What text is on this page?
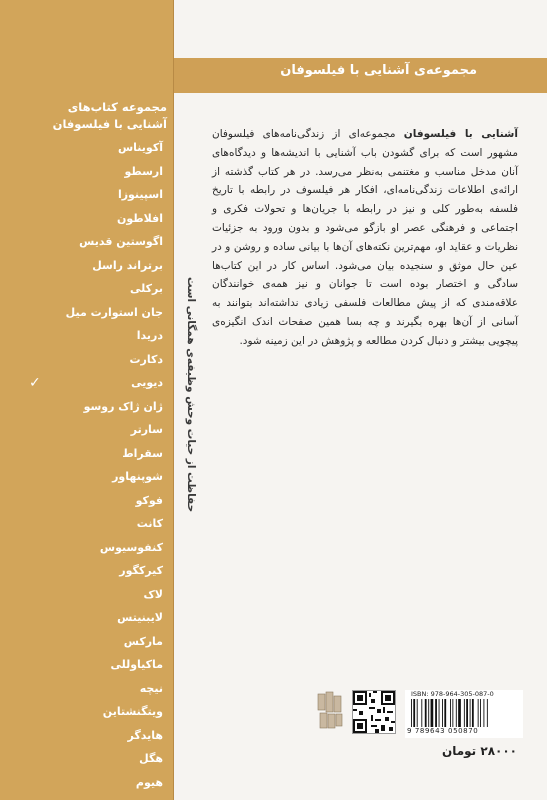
مجموعه‌ی آشنایی با فیلسوفان
مجموعه کتاب‌های
آشنایی با فیلسوفان
آکویناس
ارسطو
اسپینوزا
افلاطون
اگوستین قدیس
برتراند راسل
برکلی
جان استوارت میل
دریدا
دکارت
دیویی
✓
ژان ژاک روسو
سارتر
سقراط
شوپنهاور
فوکو
کانت
کنفوسیوس
کیرکگور
لاک
لایبنیتس
مارکس
ماکیاوللی
نیچه
ویتگنشتاین
هایدگر
هگل
هیوم
حفاظت از حیات وحش وظیفه‌ی همگانی است
آشنایی با فیلسوفان مجموعه‌ای از زندگی‌نامه‌های فیلسوفان مشهور است که برای گشودن باب آشنایی با اندیشه‌ها و دیدگاه‌های آنان مدخل مناسب و مغتنمی به‌نظر می‌رسد. در هر کتاب گذشته از ارائه‌ی اطلاعات زندگی‌نامه‌ای، افکار هر فیلسوف در رابطه با تاریخ فلسفه به‌طور کلی و نیز در رابطه با جریان‌ها و تحولات فکری و اجتماعی و فرهنگی عصر او بازگو می‌شود و بدون ورود به جزئیات نظریات و عقاید او، مهم‌ترین نکته‌های آن‌ها با بیانی ساده و روشن و در عین حال موثق و سنجیده بیان می‌شود. اساس کار در این کتاب‌ها سادگی و اختصار بوده است تا جوانان و نیز همه‌ی خوانندگان علاقه‌مندی که از پیش مطالعات فلسفی زیادی نداشته‌اند بتوانند به آسانی از آن‌ها بهره بگیرند و چه بسا همین صفحات اندک انگیزه‌ی پیچویی بیشتر و دنبال کردن مطالعه و پژوهش در این زمینه شود.
ISBN: 978-964-305-087-0
9 789643 050870
۲۸۰۰۰ تومان
